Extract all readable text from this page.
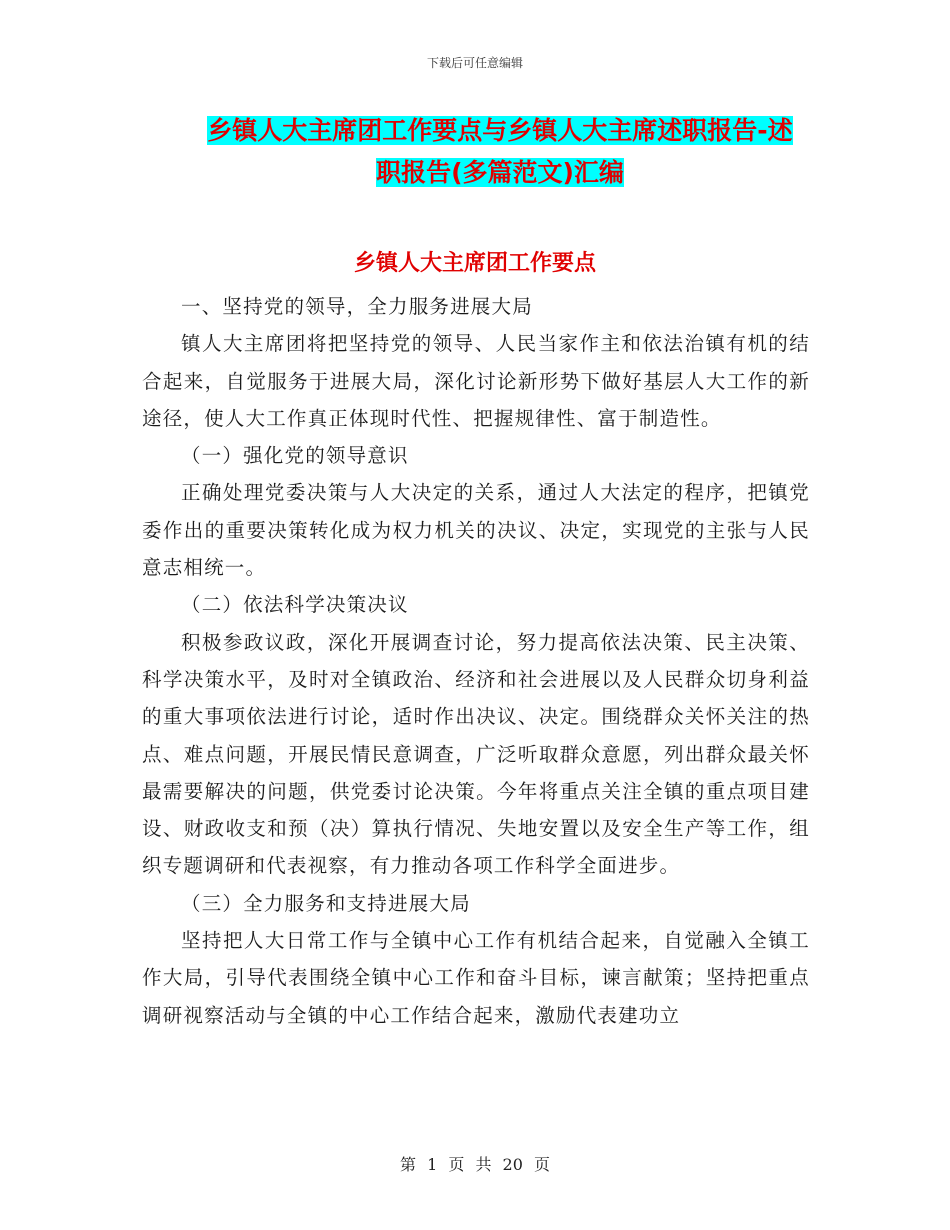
下载后可任意编辑
乡镇人大主席团工作要点与乡镇人大主席述职报告-述
职报告(多篇范文)汇编
乡镇人大主席团工作要点

一、坚持党的领导，全力服务进展大局

镇人大主席团将把坚持党的领导、人民当家作主和依法治镇有机的结合起来，自觉服务于进展大局，深化讨论新形势下做好基层人大工作的新途径，使人大工作真正体现时代性、把握规律性、富于制造性。

（一）强化党的领导意识

正确处理党委决策与人大决定的关系，通过人大法定的程序，把镇党委作出的重要决策转化成为权力机关的决议、决定，实现党的主张与人民意志相统一。

（二）依法科学决策决议

积极参政议政，深化开展调查讨论，努力提高依法决策、民主决策、科学决策水平，及时对全镇政治、经济和社会进展以及人民群众切身利益的重大事项依法进行讨论，适时作出决议、决定。围绕群众关怀关注的热点、难点问题，开展民情民意调查，广泛听取群众意愿，列出群众最关怀最需要解决的问题，供党委讨论决策。今年将重点关注全镇的重点项目建设、财政收支和预（决）算执行情况、失地安置以及安全生产等工作，组织专题调研和代表视察，有力推动各项工作科学全面进步。

（三）全力服务和支持进展大局

坚持把人大日常工作与全镇中心工作有机结合起来，自觉融入全镇工作大局，引导代表围绕全镇中心工作和奋斗目标，谏言献策；坚持把重点调研视察活动与全镇的中心工作结合起来，激励代表建功立

第 1 页 共 20 页
